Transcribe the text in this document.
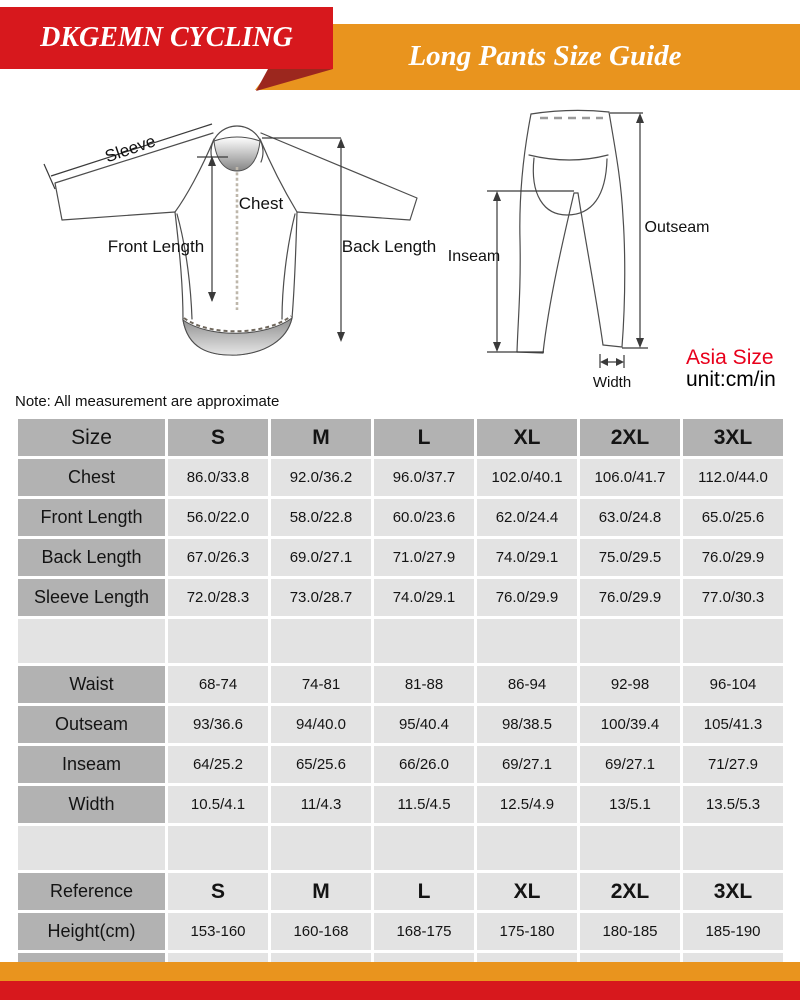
DKGEMN CYCLING
Long Pants Size Guide
Sleeve
Chest
Front Length	Back Length
Inseam
Outseam
Width
Asia Size
unit:cm/in
Note: All measurement are approximate
Size	S	M	L	XL	2XL	3XL
Chest	86.0/33.8	92.0/36.2	96.0/37.7	102.0/40.1	106.0/41.7	112.0/44.0
Front Length	56.0/22.0	58.0/22.8	60.0/23.6	62.0/24.4	63.0/24.8	65.0/25.6
Back Length	67.0/26.3	69.0/27.1	71.0/27.9	74.0/29.1	75.0/29.5	76.0/29.9
Sleeve Length	72.0/28.3	73.0/28.7	74.0/29.1	76.0/29.9	76.0/29.9	77.0/30.3

Waist	68-74	74-81	81-88	86-94	92-98	96-104
Outseam	93/36.6	94/40.0	95/40.4	98/38.5	100/39.4	105/41.3
Inseam	64/25.2	65/25.6	66/26.0	69/27.1	69/27.1	71/27.9
Width	10.5/4.1	11/4.3	11.5/4.5	12.5/4.9	13/5.1	13.5/5.3

Reference	S	M	L	XL	2XL	3XL
Height(cm)	153-160	160-168	168-175	175-180	180-185	185-190
